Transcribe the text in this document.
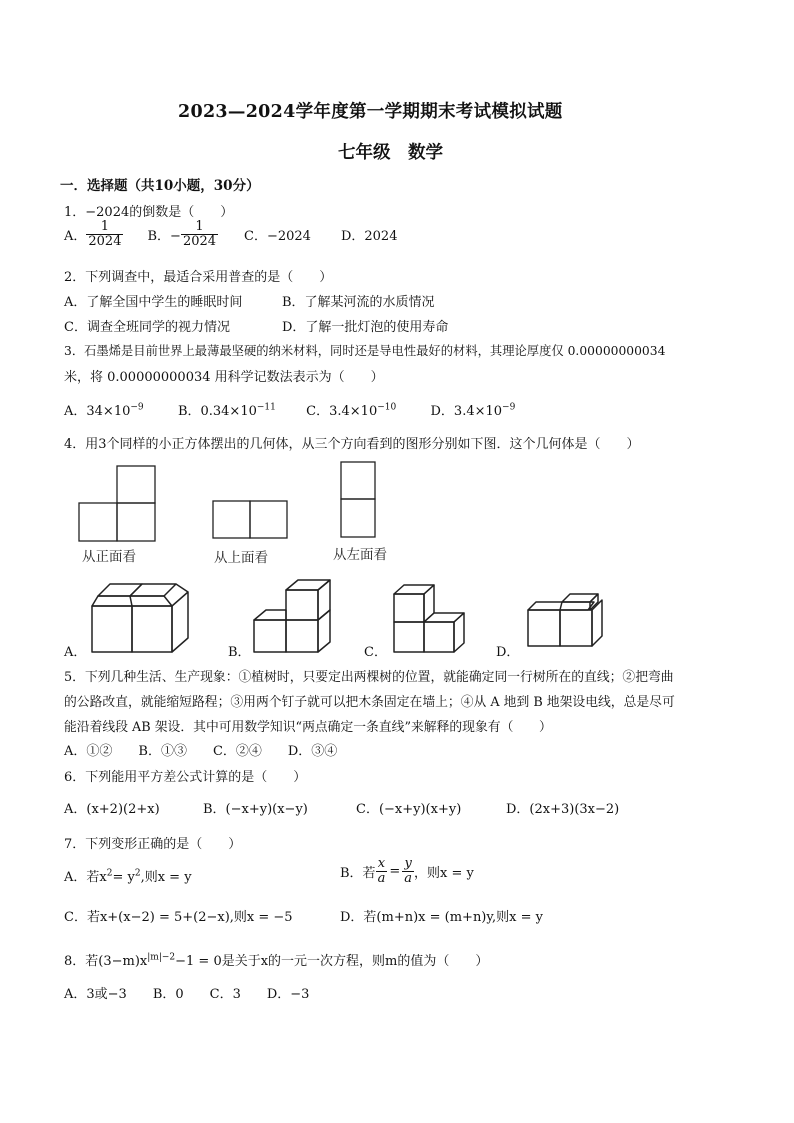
2023—2024学年度第一学期期末考试模拟试题
七年级　数学
一．选择题（共10小题，30分）
1．−2024的倒数是（　　）
A． $\frac{1}{2024}$ B．− $\frac{1}{2024}$ C．−2024 D．2024
2．下列调查中，最适合采用普查的是（　　）
A．了解全国中学生的睡眠时间	B．了解某河流的水质情况
C．调查全班同学的视力情况	D．了解一批灯泡的使用寿命
3．石墨烯是目前世界上最薄最坚硬的纳米材料，同时还是导电性最好的材料，其理论厚度仅 0.00000000034
米，将 0.00000000034 用科学记数法表示为（　　）
A．$34\times 10^{-9}$	B．$0.34\times 10^{-11}$ C．$3.4\times 10^{-10}$	D．$3.4\times 10^{-9}$
4．用3个同样的小正方体摆出的几何体，从三个方向看到的图形分别如下图．这个几何体是（　　）
从正面看	从上面看	从左面看
A．	B．	C．	D．
5．下列几种生活、生产现象：①植树时，只要定出两棵树的位置，就能确定同一行树所在的直线；②把弯曲
的公路改直，就能缩短路程；③用两个钉子就可以把木条固定在墙上；④从 A 地到 B 地架设电线，总是尽可
能沿着线段 AB 架设．其中可用数学知识“两点确定一条直线”来解释的现象有（　　）
A．①②　　B．①③　　C．②④　　D．③④
6．下列能用平方差公式计算的是（　　）
A．(x+2)(2+x)	B．(−x+y)(x−y)	C．(−x+y)(x+y)	D．(2x+3)(3x−2)
7．下列变形正确的是（　　）
A．若$x^2= y^2$,则x = y	B．若 $\frac{x}{a} = \frac{y}{a}$ ，则x = y
C．若x+(x−2) = 5+(2−x),则x = −5	D．若(m+n)x = (m+n)y,则x = y
8．若$(3-m)x^{|m|-2}-1 = 0$是关于x的一元一次方程，则m的值为（　　）
A．3或−3　　B．0　　C．3　　D．−3
